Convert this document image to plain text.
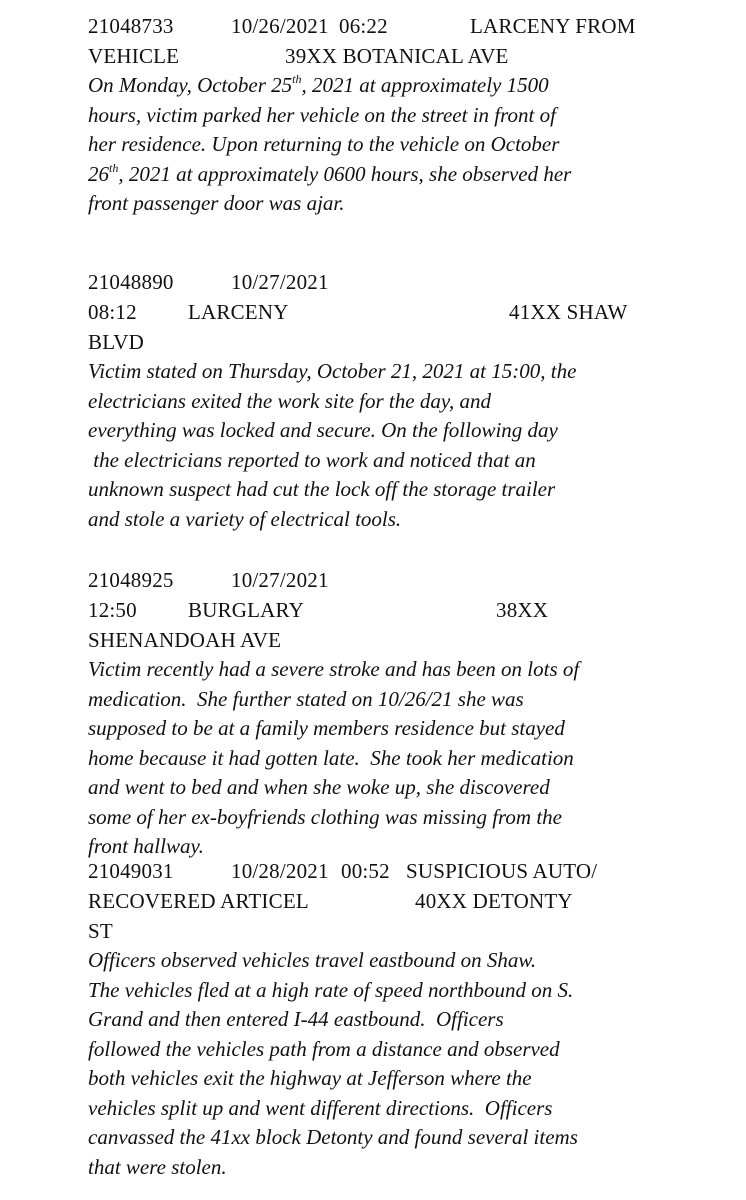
21048733	10/26/2021 06:22	LARCENY FROM
VEHICLE	39XX BOTANICAL AVE

On Monday, October 25th, 2021 at approximately 1500
hours, victim parked her vehicle on the street in front of
her residence. Upon returning to the vehicle on October
26th, 2021 at approximately 0600 hours, she observed her
front passenger door was ajar.

21048890	10/27/2021
08:12 LARCENY	41XX SHAW
BLVD

Victim stated on Thursday, October 21, 2021 at 15:00, the
electricians exited the work site for the day, and
everything was locked and secure. On the following day
the electricians reported to work and noticed that an
unknown suspect had cut the lock off the storage trailer
and stole a variety of electrical tools.

21048925	10/27/2021
12:50 BURGLARY	38XX
SHENANDOAH AVE

Victim recently had a severe stroke and has been on lots of
medication.  She further stated on 10/26/21 she was
supposed to be at a family members residence but stayed
home because it had gotten late.  She took her medication
and went to bed and when she woke up, she discovered
some of her ex-boyfriends clothing was missing from the
front hallway.

21049031	10/28/2021 00:52 SUSPICIOUS AUTO/
RECOVERED ARTICEL	40XX DETONTY
ST

Officers observed vehicles travel eastbound on Shaw.
The vehicles fled at a high rate of speed northbound on S.
Grand and then entered I-44 eastbound.  Officers
followed the vehicles path from a distance and observed
both vehicles exit the highway at Jefferson where the
vehicles split up and went different directions.  Officers
canvassed the 41xx block Detonty and found several items
that were stolen.
